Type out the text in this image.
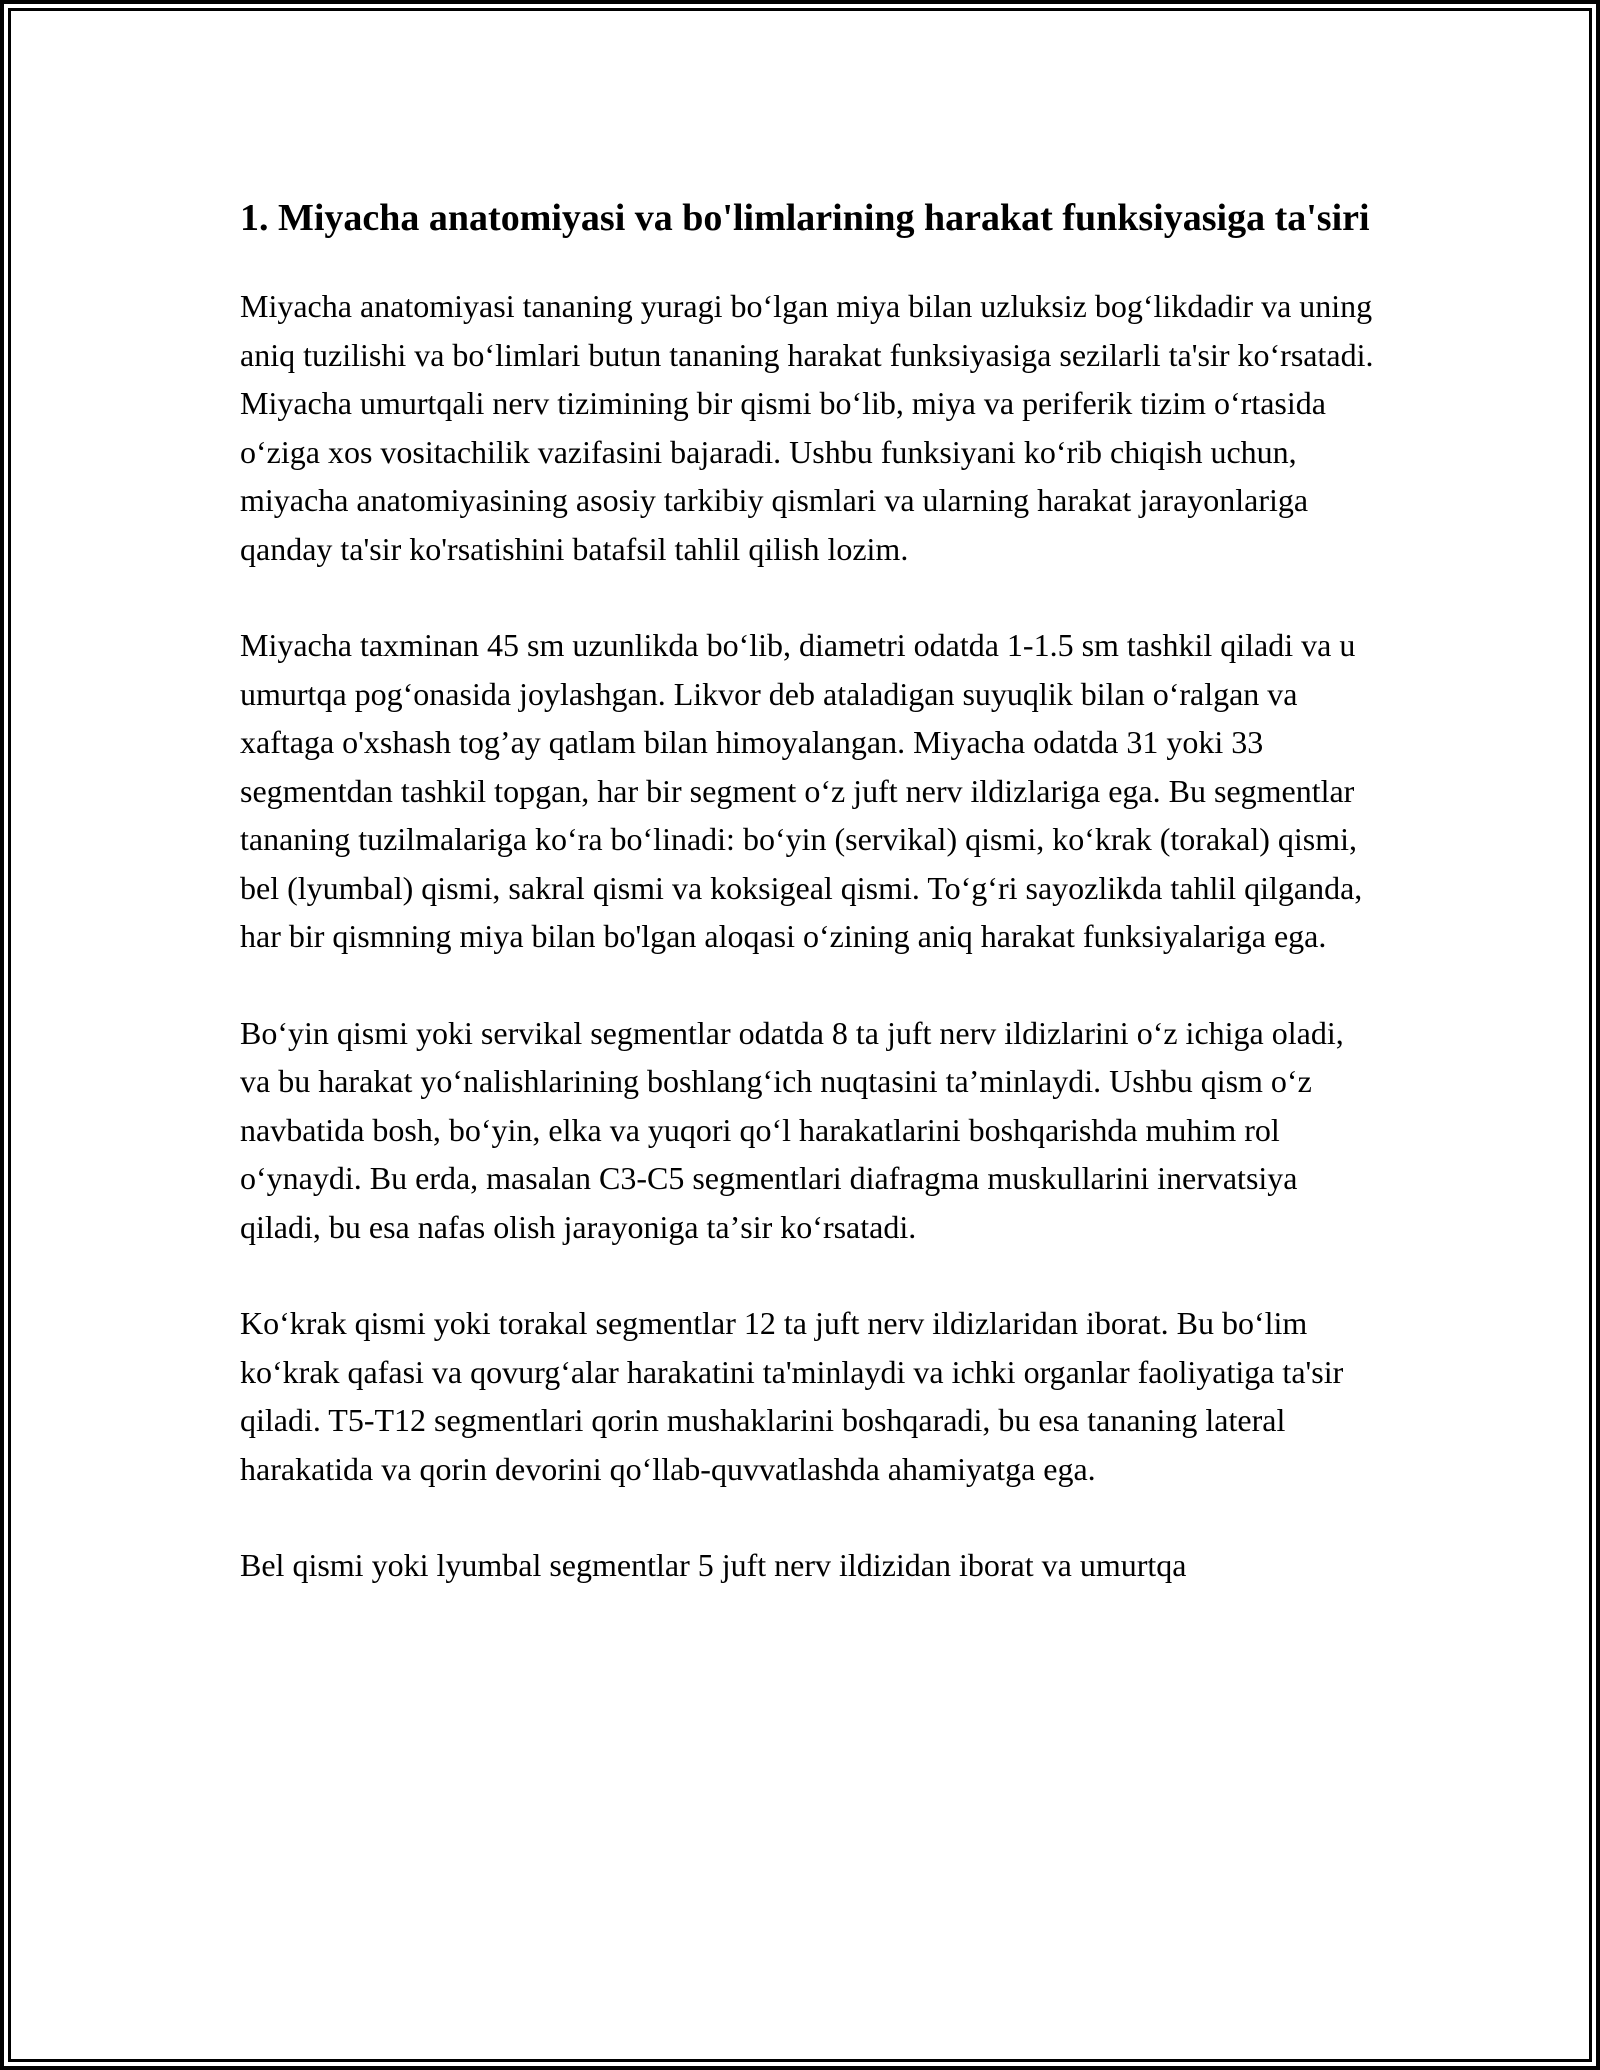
1. Miyacha anatomiyasi va bo'limlarining harakat funksiyasiga ta'siri

Miyacha anatomiyasi tananing yuragi boʻlgan miya bilan uzluksiz bogʻlikdadir va uning aniq tuzilishi va boʻlimlari butun tananing harakat funksiyasiga sezilarli ta'sir koʻrsatadi. Miyacha umurtqali nerv tizimining bir qismi boʻlib, miya va periferik tizim oʻrtasida oʻziga xos vositachilik vazifasini bajaradi. Ushbu funksiyani koʻrib chiqish uchun, miyacha anatomiyasining asosiy tarkibiy qismlari va ularning harakat jarayonlariga qanday ta'sir ko'rsatishini batafsil tahlil qilish lozim.

Miyacha taxminan 45 sm uzunlikda boʻlib, diametri odatda 1-1.5 sm tashkil qiladi va u umurtqa pogʻonasida joylashgan. Likvor deb ataladigan suyuqlik bilan oʻralgan va xaftaga o'xshash togʼay qatlam bilan himoyalangan. Miyacha odatda 31 yoki 33 segmentdan tashkil topgan, har bir segment oʻz juft nerv ildizlariga ega. Bu segmentlar tananing tuzilmalariga koʻra boʻlinadi: boʻyin (servikal) qismi, koʻkrak (torakal) qismi, bel (lyumbal) qismi, sakral qismi va koksigeal qismi. Toʻgʻri sayozlikda tahlil qilganda, har bir qismning miya bilan bo'lgan aloqasi oʻzining aniq harakat funksiyalariga ega.

Boʻyin qismi yoki servikal segmentlar odatda 8 ta juft nerv ildizlarini oʻz ichiga oladi, va bu harakat yoʻnalishlarining boshlangʻich nuqtasini taʼminlaydi. Ushbu qism oʻz navbatida bosh, boʻyin, elka va yuqori qoʻl harakatlarini boshqarishda muhim rol oʻynaydi. Bu erda, masalan C3-C5 segmentlari diafragma muskullarini inervatsiya qiladi, bu esa nafas olish jarayoniga taʼsir koʻrsatadi.

Koʻkrak qismi yoki torakal segmentlar 12 ta juft nerv ildizlaridan iborat. Bu boʻlim koʻkrak qafasi va qovurgʻalar harakatini ta'minlaydi va ichki organlar faoliyatiga ta'sir qiladi. T5-T12 segmentlari qorin mushaklarini boshqaradi, bu esa tananing lateral harakatida va qorin devorini qoʻllab-quvvatlashda ahamiyatga ega.

Bel qismi yoki lyumbal segmentlar 5 juft nerv ildizidan iborat va umurtqa
